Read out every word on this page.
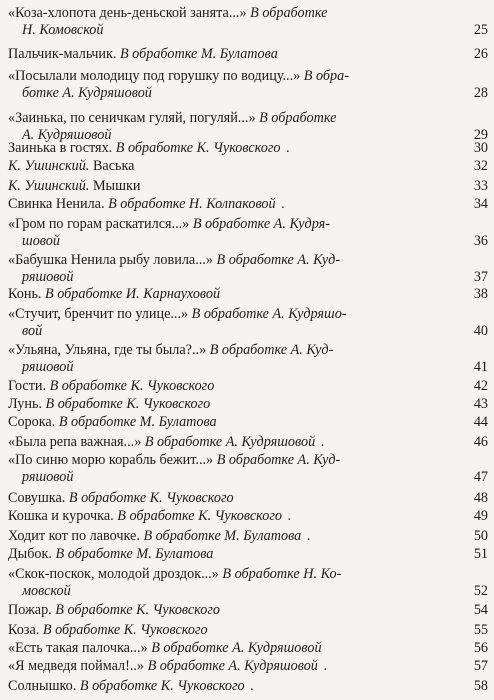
«Коза-хлопота день-деньской занята...» В обработке
Н. Комовской	25
Пальчик-мальчик. В обработке М. Булатова	26
«Посылали молодицу под горушку по водицу...» В обра-
ботке А. Кудряшовой	28
«Заинька, по сеничкам гуляй, погуляй...» В обработке
А. Кудряшовой	29
Заинька в гостях. В обработке К. Чуковского .	30
К. Ушинский. Васька	32
К. Ушинский. Мышки	33
Свинка Ненила. В обработке Н. Колпаковой .	34
«Гром по горам раскатился...» В обработке А. Кудря-
шовой	36
«Бабушка Ненила рыбу ловила...» В обработке А. Куд-
ряшовой	37
Конь. В обработке И. Карнауховой	38
«Стучит, бренчит по улице...» В обработке А. Кудряшо-
вой	40
«Ульяна, Ульяна, где ты была?..» В обработке А. Куд-
ряшовой	41
Гости. В обработке К. Чуковского	42
Лунь. В обработке К. Чуковского	43
Сорока. В обработке М. Булатова	44
«Была репа важная...» В обработке А. Кудряшовой .	46
«По синю морю корабль бежит...» В обработке А. Куд-
ряшовой	47
Совушка. В обработке К. Чуковского	48
Кошка и курочка. В обработке К. Чуковского .	49
Ходит кот по лавочке. В обработке М. Булатова .	50
Дыбок. В обработке М. Булатова	51
«Скок-поскок, молодой дроздок...» В обработке Н. Ко-
мовской	52
Пожар. В обработке К. Чуковского	54
Коза. В обработке К. Чуковского	55
«Есть такая палочка...» В обработке А. Кудряшовой	56
«Я медведя поймал!..» В обработке А. Кудряшовой .	57
Солнышко. В обработке К. Чуковского .	58
